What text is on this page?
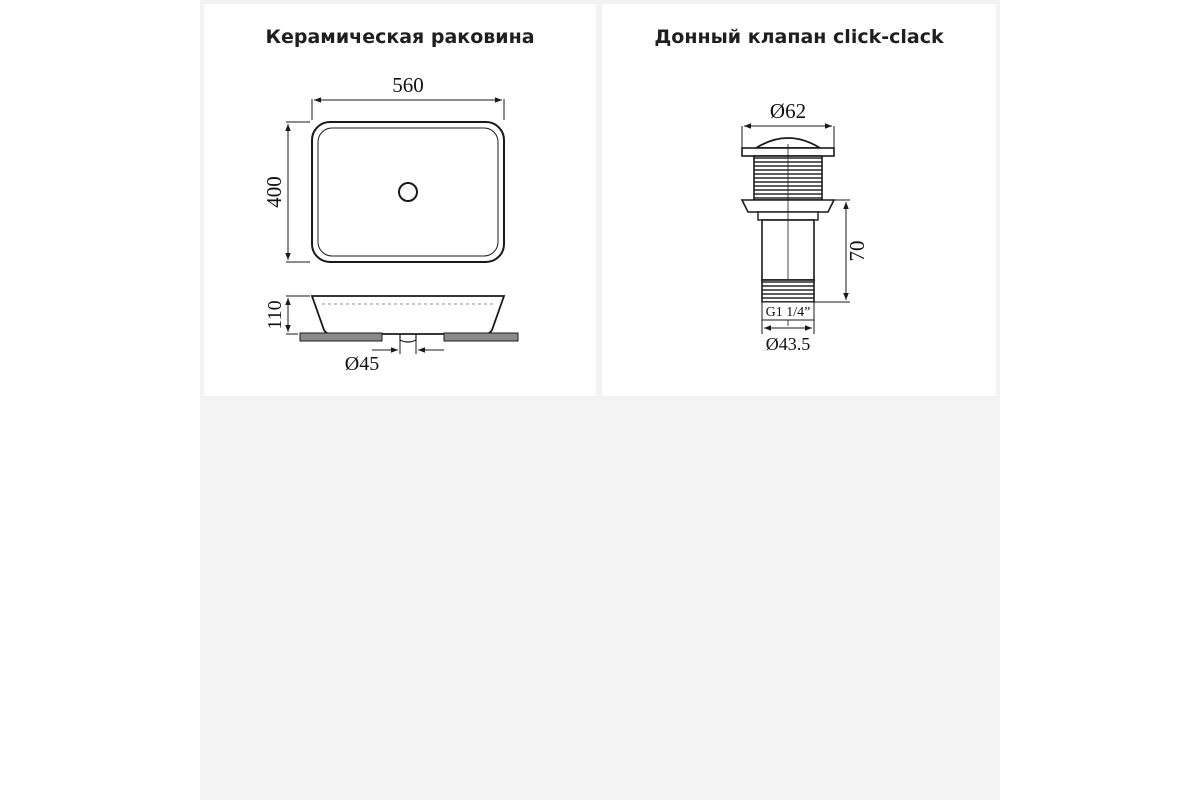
Керамическая раковина
560
400
110
Ø45
Донный клапан click-clack
Ø62
G1 1/4”
Ø43.5
70
